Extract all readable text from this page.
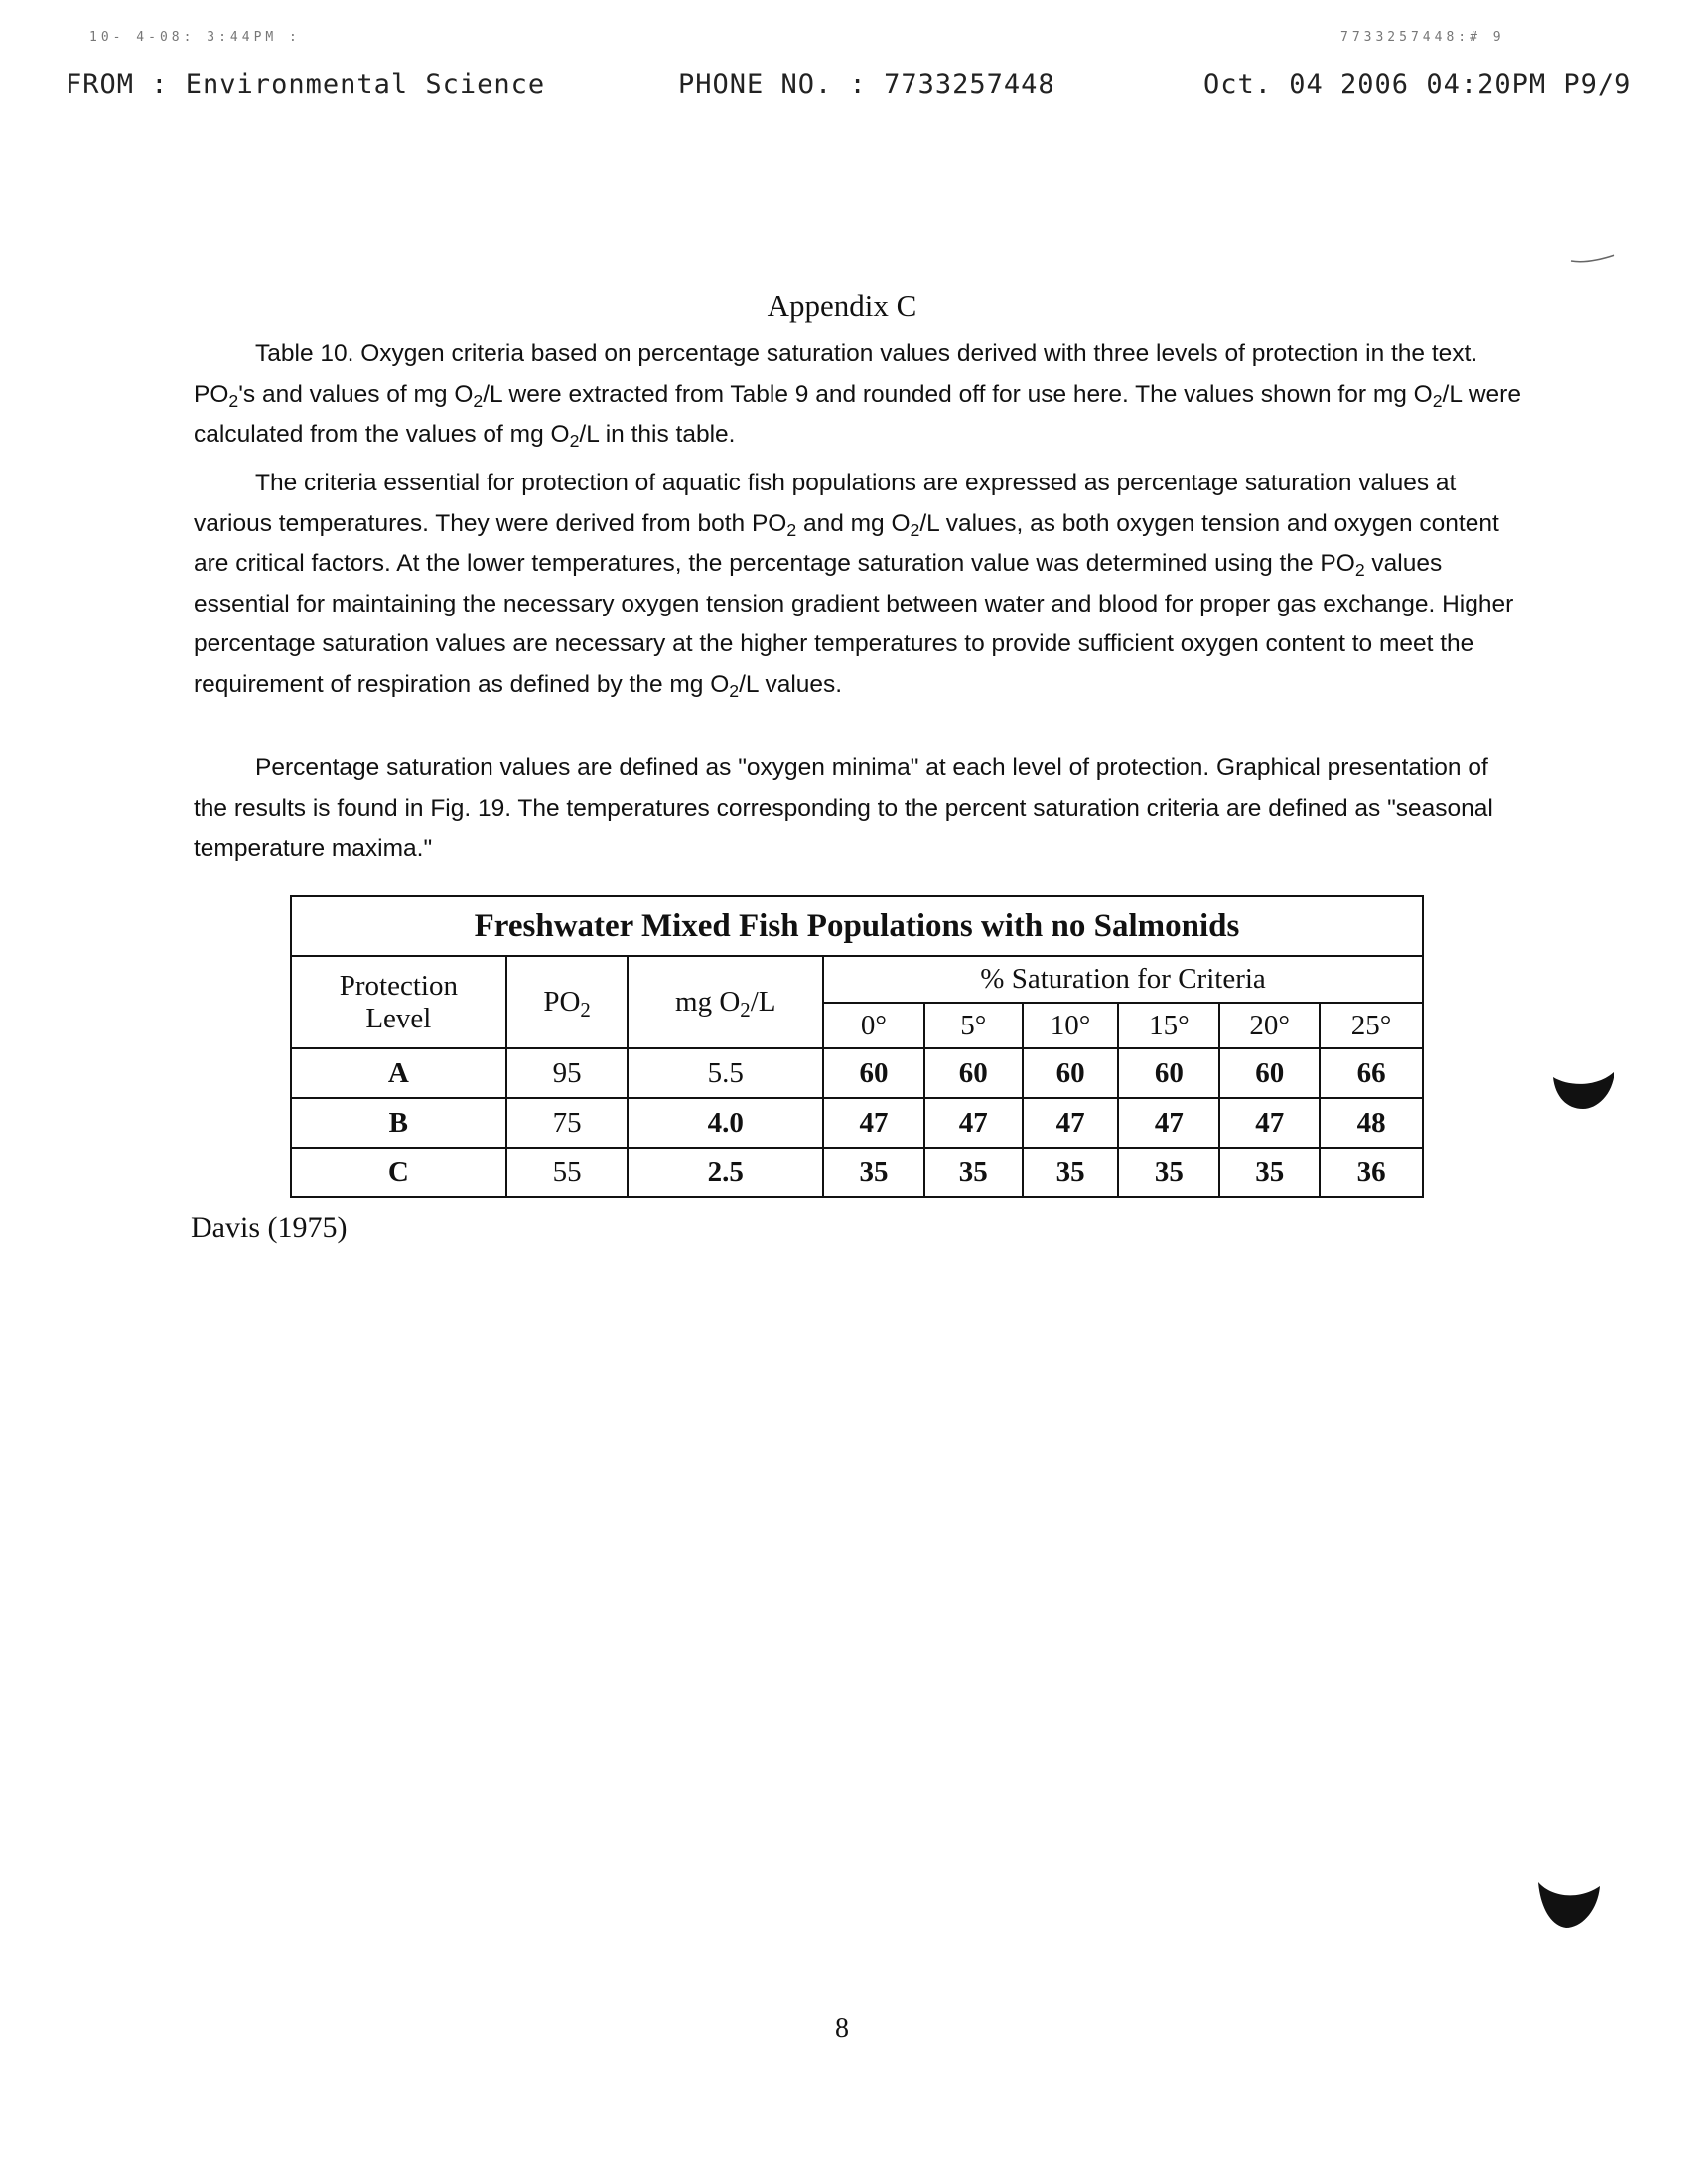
10- 4-08: 3:44PM :	7733257448:# 9
FROM : Environmental Science	PHONE NO. : 7733257448	Oct. 04 2006 04:20PM P9/9
Appendix C

Table 10. Oxygen criteria based on percentage saturation values derived with three levels of protection in the text. $PO_2's$ and values of mg $O_2/L$ were extracted from Table 9 and rounded off for use here. The values shown for mg $O_2/L$ were calculated from the values of mg $O_2/L$ in this table.

The criteria essential for protection of aquatic fish populations are expressed as percentage saturation values at various temperatures. They were derived from both $PO_2$ and mg $O_2/L$ values, as both oxygen tension and oxygen content are critical factors. At the lower temperatures, the percentage saturation value was determined using the $PO_2$ values essential for maintaining the necessary oxygen tension gradient between water and blood for proper gas exchange. Higher percentage saturation values are necessary at the higher temperatures to provide sufficient oxygen content to meet the requirement of respiration as defined by the mg $O_2/L$ values.

Percentage saturation values are defined as "oxygen minima" at each level of protection. Graphical presentation of the results is found in Fig. 19. The temperatures corresponding to the percent saturation criteria are defined as "seasonal temperature maxima."

Freshwater Mixed Fish Populations with no Salmonids								
Protection
Level	$PO_2$	mg $O_2/L$	% Saturation for Criteria					
			0°	5°	10°	15°	20°	25°
A	95	5.5	60	60	60	60	60	66
B	75	4.0	47	47	47	47	47	48
C	55	2.5	35	35	35	35	35	36
Davis (1975)
8
